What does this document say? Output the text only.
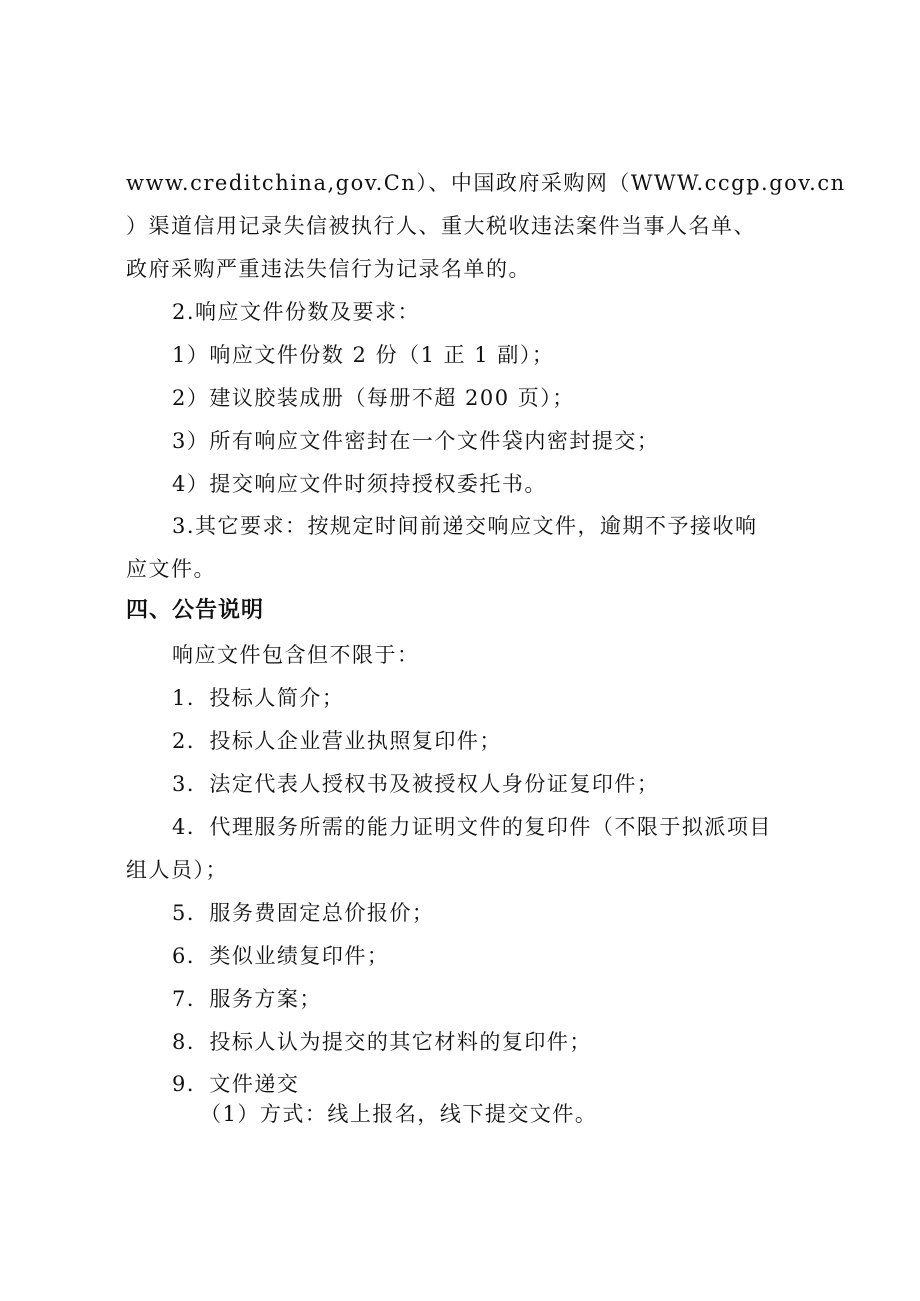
www.creditchina,gov.Cn）、中国政府采购网（WWW.ccgp.gov.cn
）渠道信用记录失信被执行人、重大税收违法案件当事人名单、
政府采购严重违法失信行为记录名单的。
2.响应文件份数及要求：
1）响应文件份数 2 份（1 正 1 副）；
2）建议胶装成册（每册不超 200 页）；
3）所有响应文件密封在一个文件袋内密封提交；
4）提交响应文件时须持授权委托书。
3.其它要求：按规定时间前递交响应文件，逾期不予接收响
应文件。
四、公告说明
响应文件包含但不限于：
1．投标人简介；
2．投标人企业营业执照复印件；
3．法定代表人授权书及被授权人身份证复印件；
4．代理服务所需的能力证明文件的复印件（不限于拟派项目
组人员）；
5．服务费固定总价报价；
6．类似业绩复印件；
7．服务方案；
8．投标人认为提交的其它材料的复印件；
9．文件递交
（1）方式：线上报名，线下提交文件。
